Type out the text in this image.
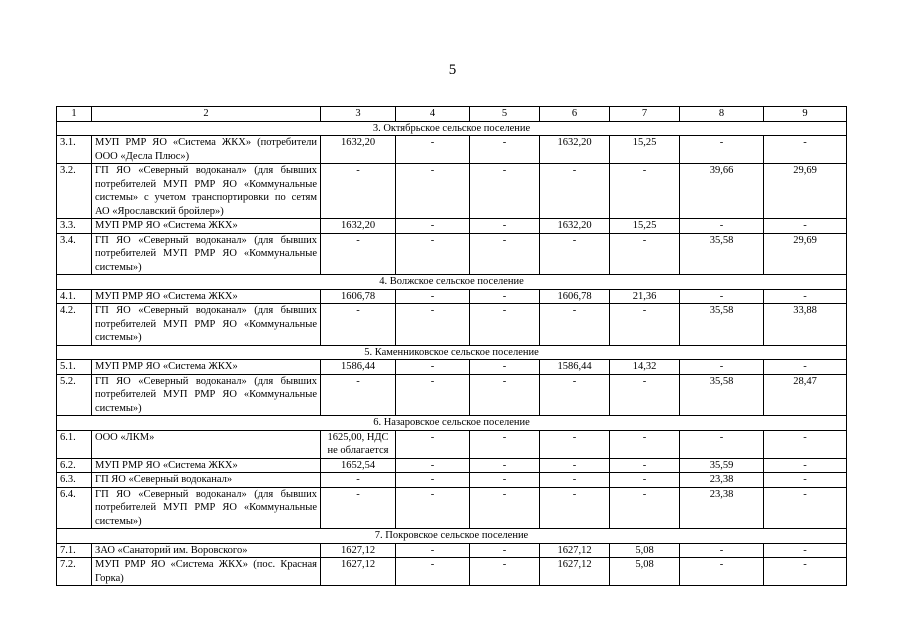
5
1	2	3	4	5	6	7	8	9
3. Октябрьское сельское поселение								
3.1.	МУП РМР ЯО «Система ЖКХ» (потребители ООО «Десла Плюс»)	1632,20	-	-	1632,20	15,25	-	-
3.2.	ГП ЯО «Северный водоканал» (для бывших потребителей МУП РМР ЯО «Коммунальные системы» с учетом транспортировки по сетям АО «Ярославский бройлер»)	-	-	-	-	-	39,66	29,69
3.3.	МУП РМР ЯО «Система ЖКХ»	1632,20	-	-	1632,20	15,25	-	-
3.4.	ГП ЯО «Северный водоканал» (для бывших потребителей МУП РМР ЯО «Коммунальные системы»)	-	-	-	-	-	35,58	29,69
4. Волжское сельское поселение								
4.1.	МУП РМР ЯО «Система ЖКХ»	1606,78	-	-	1606,78	21,36	-	-
4.2.	ГП ЯО «Северный водоканал» (для бывших потребителей МУП РМР ЯО «Коммунальные системы»)	-	-	-	-	-	35,58	33,88
5. Каменниковское сельское поселение								
5.1.	МУП РМР ЯО «Система ЖКХ»	1586,44	-	-	1586,44	14,32	-	-
5.2.	ГП ЯО «Северный водоканал» (для бывших потребителей МУП РМР ЯО «Коммунальные системы»)	-	-	-	-	-	35,58	28,47
6. Назаровское сельское поселение								
6.1.	ООО «ЛКМ»	1625,00, НДС не облагается	-	-	-	-	-	-
6.2.	МУП РМР ЯО «Система ЖКХ»	1652,54	-	-	-	-	35,59	-
6.3.	ГП ЯО «Северный водоканал»	-	-	-	-	-	23,38	-
6.4.	ГП ЯО «Северный водоканал» (для бывших потребителей МУП РМР ЯО «Коммунальные системы»)	-	-	-	-	-	23,38	-
7. Покровское сельское поселение								
7.1.	ЗАО «Санаторий им. Воровского»	1627,12	-	-	1627,12	5,08	-	-
7.2.	МУП РМР ЯО «Система ЖКХ» (пос. Красная Горка)	1627,12	-	-	1627,12	5,08	-	-
